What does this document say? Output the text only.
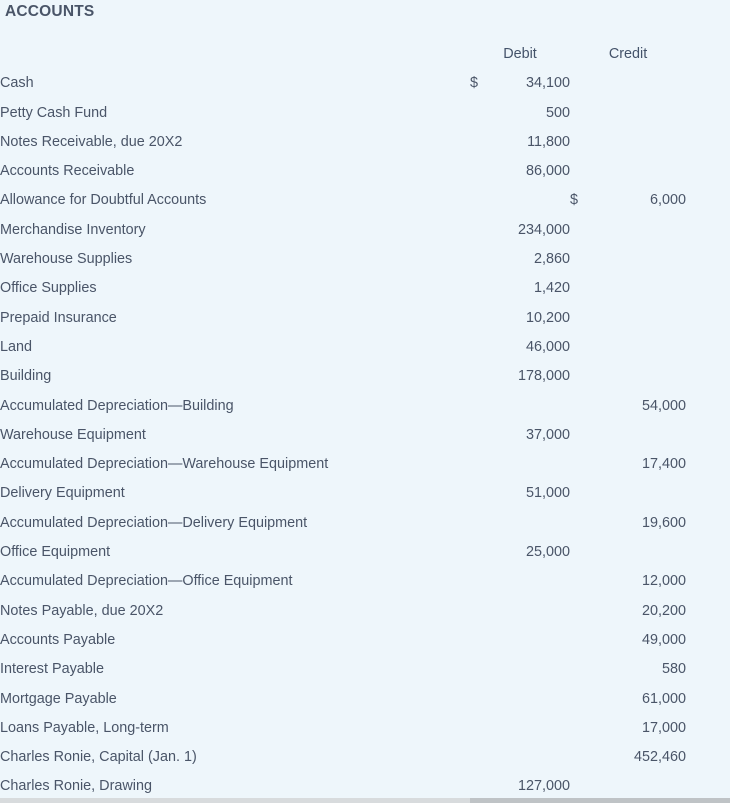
ACCOUNTS
	Debit		Credit		
Cash	$	34,100			
Petty Cash Fund		500			
Notes Receivable, due 20X2		11,800			
Accounts Receivable		86,000			
Allowance for Doubtful Accounts			$	6,000	
Merchandise Inventory		234,000			
Warehouse Supplies		2,860			
Office Supplies		1,420			
Prepaid Insurance		10,200			
Land		46,000			
Building		178,000			
Accumulated Depreciation—Building				54,000	
Warehouse Equipment		37,000			
Accumulated Depreciation—Warehouse Equipment				17,400	
Delivery Equipment		51,000			
Accumulated Depreciation—Delivery Equipment				19,600	
Office Equipment		25,000			
Accumulated Depreciation—Office Equipment				12,000	
Notes Payable, due 20X2				20,200	
Accounts Payable				49,000	
Interest Payable				580	
Mortgage Payable				61,000	
Loans Payable, Long-term				17,000	
Charles Ronie, Capital (Jan. 1)				452,460	
Charles Ronie, Drawing		127,000			
